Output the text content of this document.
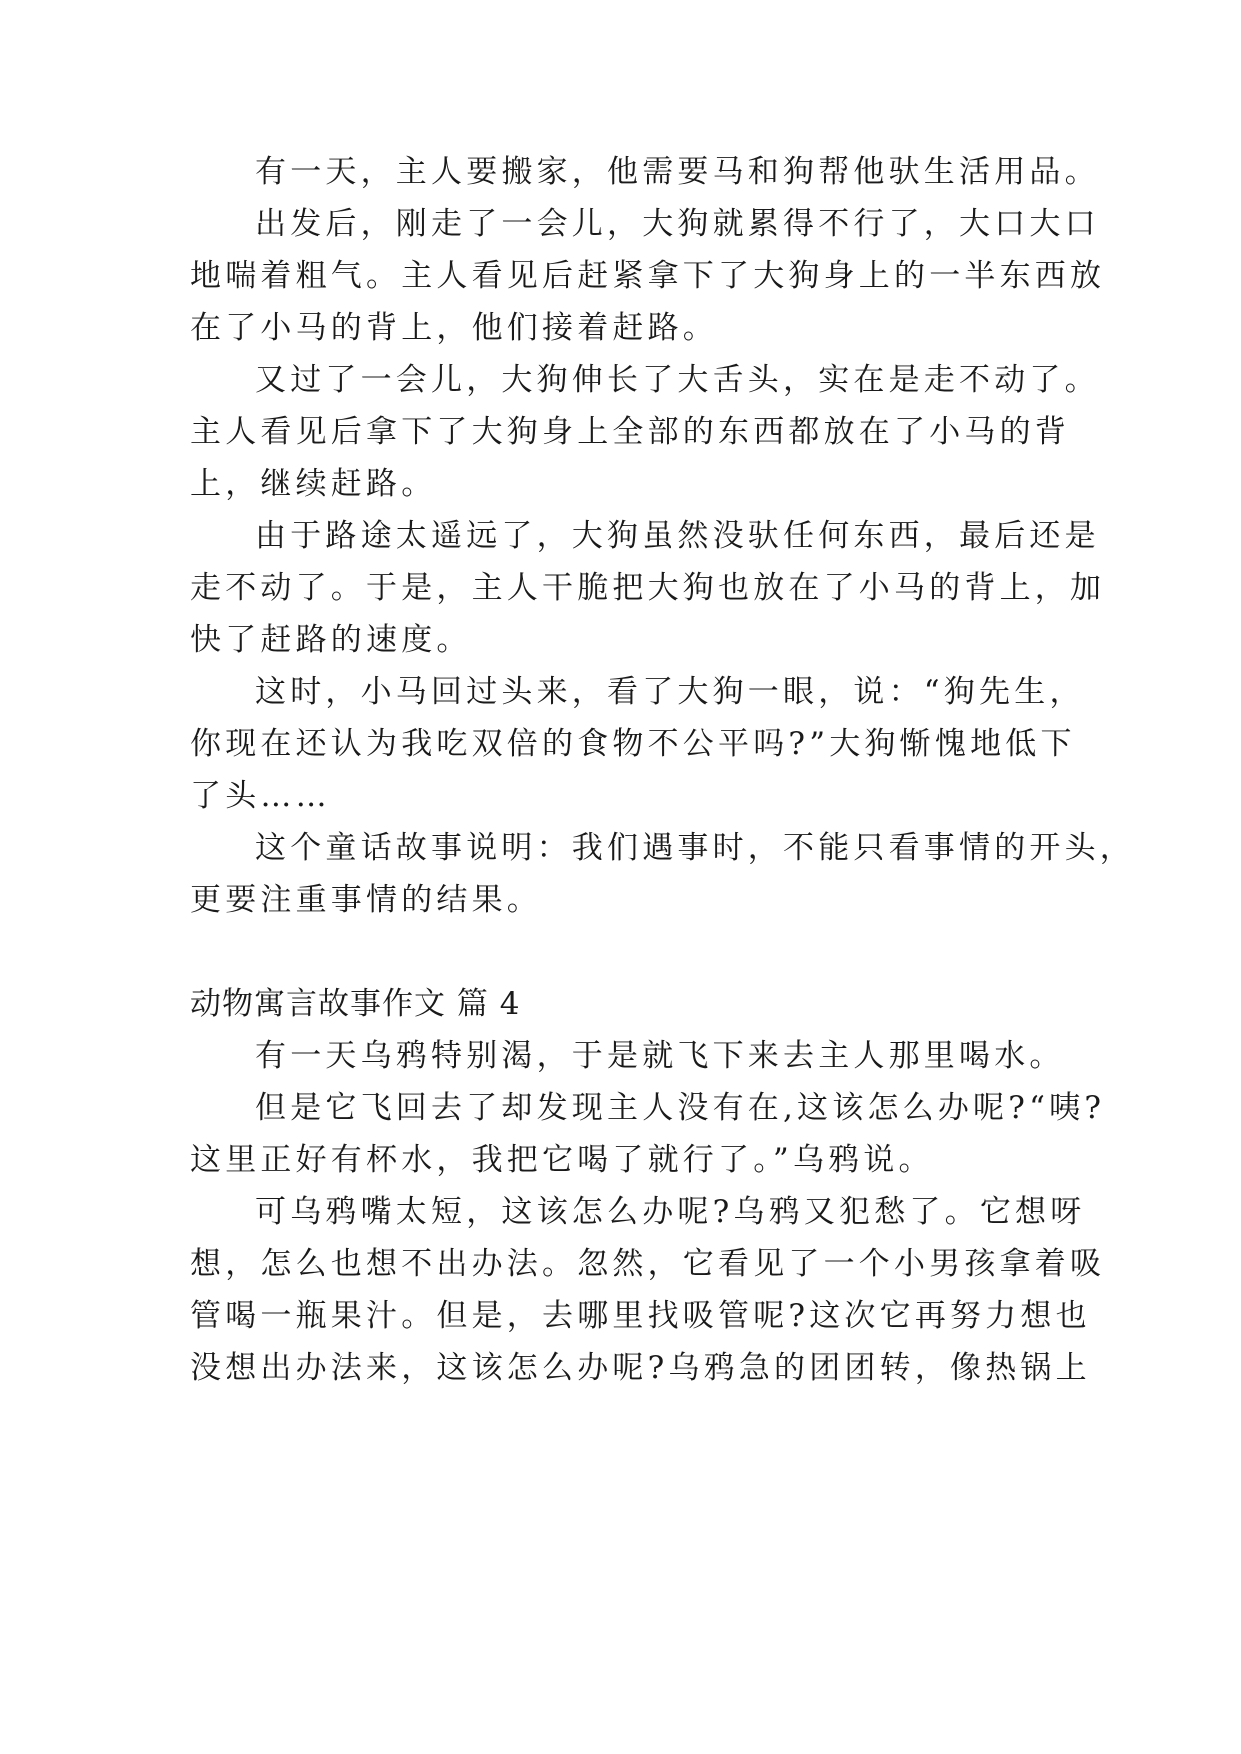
有一天，主人要搬家，他需要马和狗帮他驮生活用品。
出发后，刚走了一会儿，大狗就累得不行了，大口大口
地喘着粗气。主人看见后赶紧拿下了大狗身上的一半东西放
在了小马的背上，他们接着赶路。
又过了一会儿，大狗伸长了大舌头，实在是走不动了。
主人看见后拿下了大狗身上全部的东西都放在了小马的背
上，继续赶路。
由于路途太遥远了，大狗虽然没驮任何东西，最后还是
走不动了。于是，主人干脆把大狗也放在了小马的背上，加
快了赶路的速度。
这时，小马回过头来，看了大狗一眼，说：“狗先生，
你现在还认为我吃双倍的食物不公平吗?”大狗惭愧地低下
了头……
这个童话故事说明：我们遇事时，不能只看事情的开头，
更要注重事情的结果。
动物寓言故事作文 篇 4
有一天乌鸦特别渴，于是就飞下来去主人那里喝水。
但是它飞回去了却发现主人没有在,这该怎么办呢?“咦?
这里正好有杯水，我把它喝了就行了。”乌鸦说。
可乌鸦嘴太短，这该怎么办呢?乌鸦又犯愁了。它想呀
想，怎么也想不出办法。忽然，它看见了一个小男孩拿着吸
管喝一瓶果汁。但是，去哪里找吸管呢?这次它再努力想也
没想出办法来，这该怎么办呢?乌鸦急的团团转，像热锅上
